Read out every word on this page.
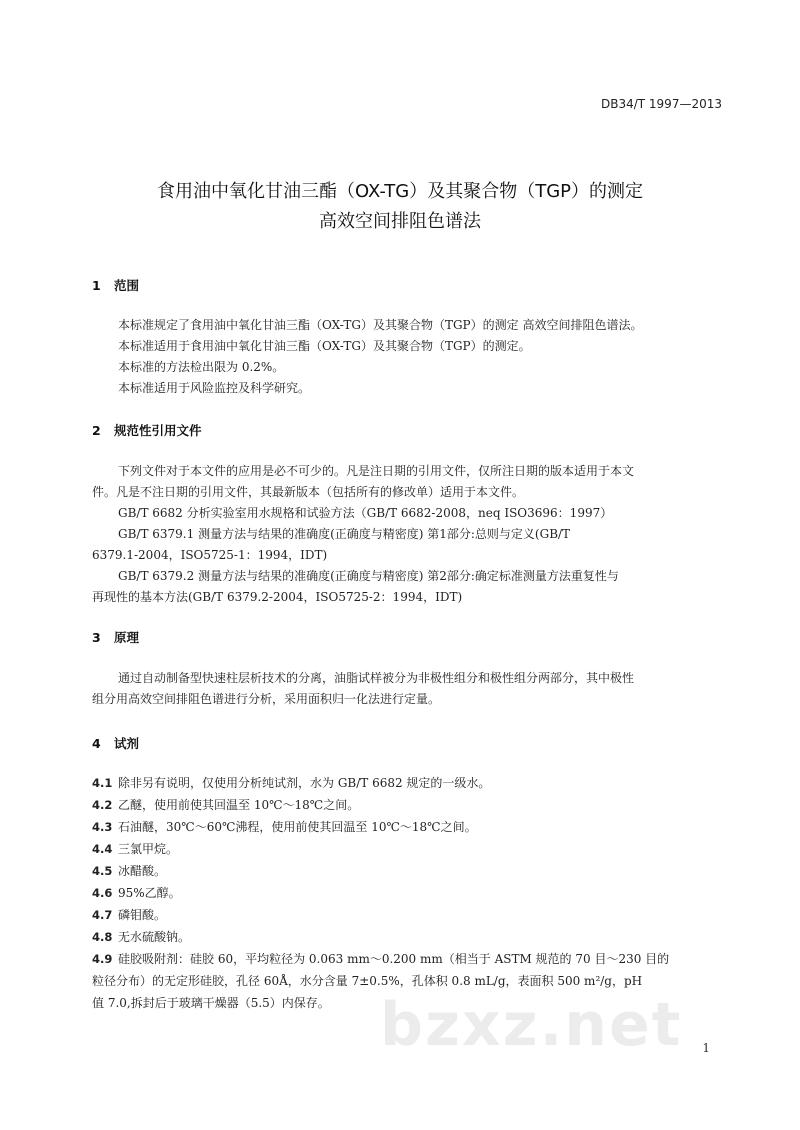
DB34/T 1997—2013
食用油中氧化甘油三酯（OX-TG）及其聚合物（TGP）的测定
高效空间排阻色谱法
1 范围
本标准规定了食用油中氧化甘油三酯（OX-TG）及其聚合物（TGP）的测定 高效空间排阻色谱法。
本标准适用于食用油中氧化甘油三酯（OX-TG）及其聚合物（TGP）的测定。
本标准的方法检出限为 0.2%。
本标准适用于风险监控及科学研究。
2 规范性引用文件
下列文件对于本文件的应用是必不可少的。凡是注日期的引用文件，仅所注日期的版本适用于本文
件。凡是不注日期的引用文件，其最新版本（包括所有的修改单）适用于本文件。
GB/T 6682 分析实验室用水规格和试验方法（GB/T 6682-2008，neq ISO3696：1997）
GB/T 6379.1 测量方法与结果的准确度(正确度与精密度) 第1部分:总则与定义(GB/T
6379.1-2004，ISO5725-1：1994，IDT)
GB/T 6379.2 测量方法与结果的准确度(正确度与精密度) 第2部分:确定标准测量方法重复性与
再现性的基本方法(GB/T 6379.2-2004，ISO5725-2：1994，IDT)
3 原理
通过自动制备型快速柱层析技术的分离，油脂试样被分为非极性组分和极性组分两部分，其中极性
组分用高效空间排阻色谱进行分析，采用面积归一化法进行定量。
4 试剂
4.1 除非另有说明，仅使用分析纯试剂，水为 GB/T 6682 规定的一级水。
4.2 乙醚，使用前使其回温至 10℃～18℃之间。
4.3 石油醚，30℃～60℃沸程，使用前使其回温至 10℃～18℃之间。
4.4 三氯甲烷。
4.5 冰醋酸。
4.6 95%乙醇。
4.7 磷钼酸。
4.8 无水硫酸钠。
4.9 硅胶吸附剂：硅胶 60，平均粒径为 0.063 mm～0.200 mm（相当于 ASTM 规范的 70 目～230 目的
粒径分布）的无定形硅胶，孔径 60Å，水分含量 7±0.5%，孔体积 0.8 mL/g，表面积 500 m²/g，pH
值 7.0,拆封后于玻璃干燥器（5.5）内保存。 bzxz.net 1
